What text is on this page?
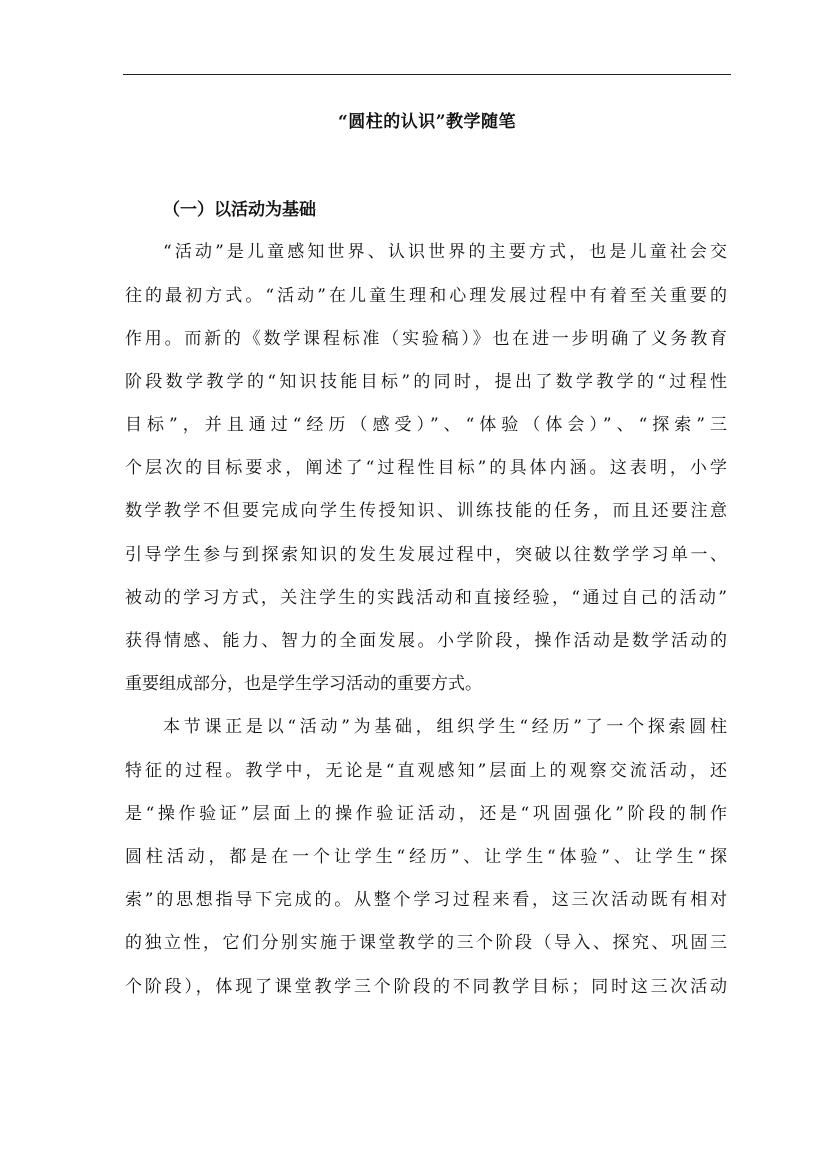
“圆柱的认识”教学随笔
（一）以活动为基础
“活动”是儿童感知世界、认识世界的主要方式，也是儿童社会交
往的最初方式。“活动”在儿童生理和心理发展过程中有着至关重要的
作用。而新的《数学课程标准（实验稿）》也在进一步明确了义务教育
阶段数学教学的“知识技能目标”的同时，提出了数学教学的“过程性
目标”，并且通过“经历（感受）”、“体验（体会）”、“探索”三
个层次的目标要求，阐述了“过程性目标”的具体内涵。这表明，小学
数学教学不但要完成向学生传授知识、训练技能的任务，而且还要注意
引导学生参与到探索知识的发生发展过程中，突破以往数学学习单一、
被动的学习方式，关注学生的实践活动和直接经验，“通过自己的活动”
获得情感、能力、智力的全面发展。小学阶段，操作活动是数学活动的
重要组成部分，也是学生学习活动的重要方式。
本节课正是以“活动”为基础，组织学生“经历”了一个探索圆柱
特征的过程。教学中，无论是“直观感知”层面上的观察交流活动，还
是“操作验证”层面上的操作验证活动，还是“巩固强化”阶段的制作
圆柱活动，都是在一个让学生“经历”、让学生“体验”、让学生“探
索”的思想指导下完成的。从整个学习过程来看，这三次活动既有相对
的独立性，它们分别实施于课堂教学的三个阶段（导入、探究、巩固三
个阶段），体现了课堂教学三个阶段的不同教学目标；同时这三次活动
